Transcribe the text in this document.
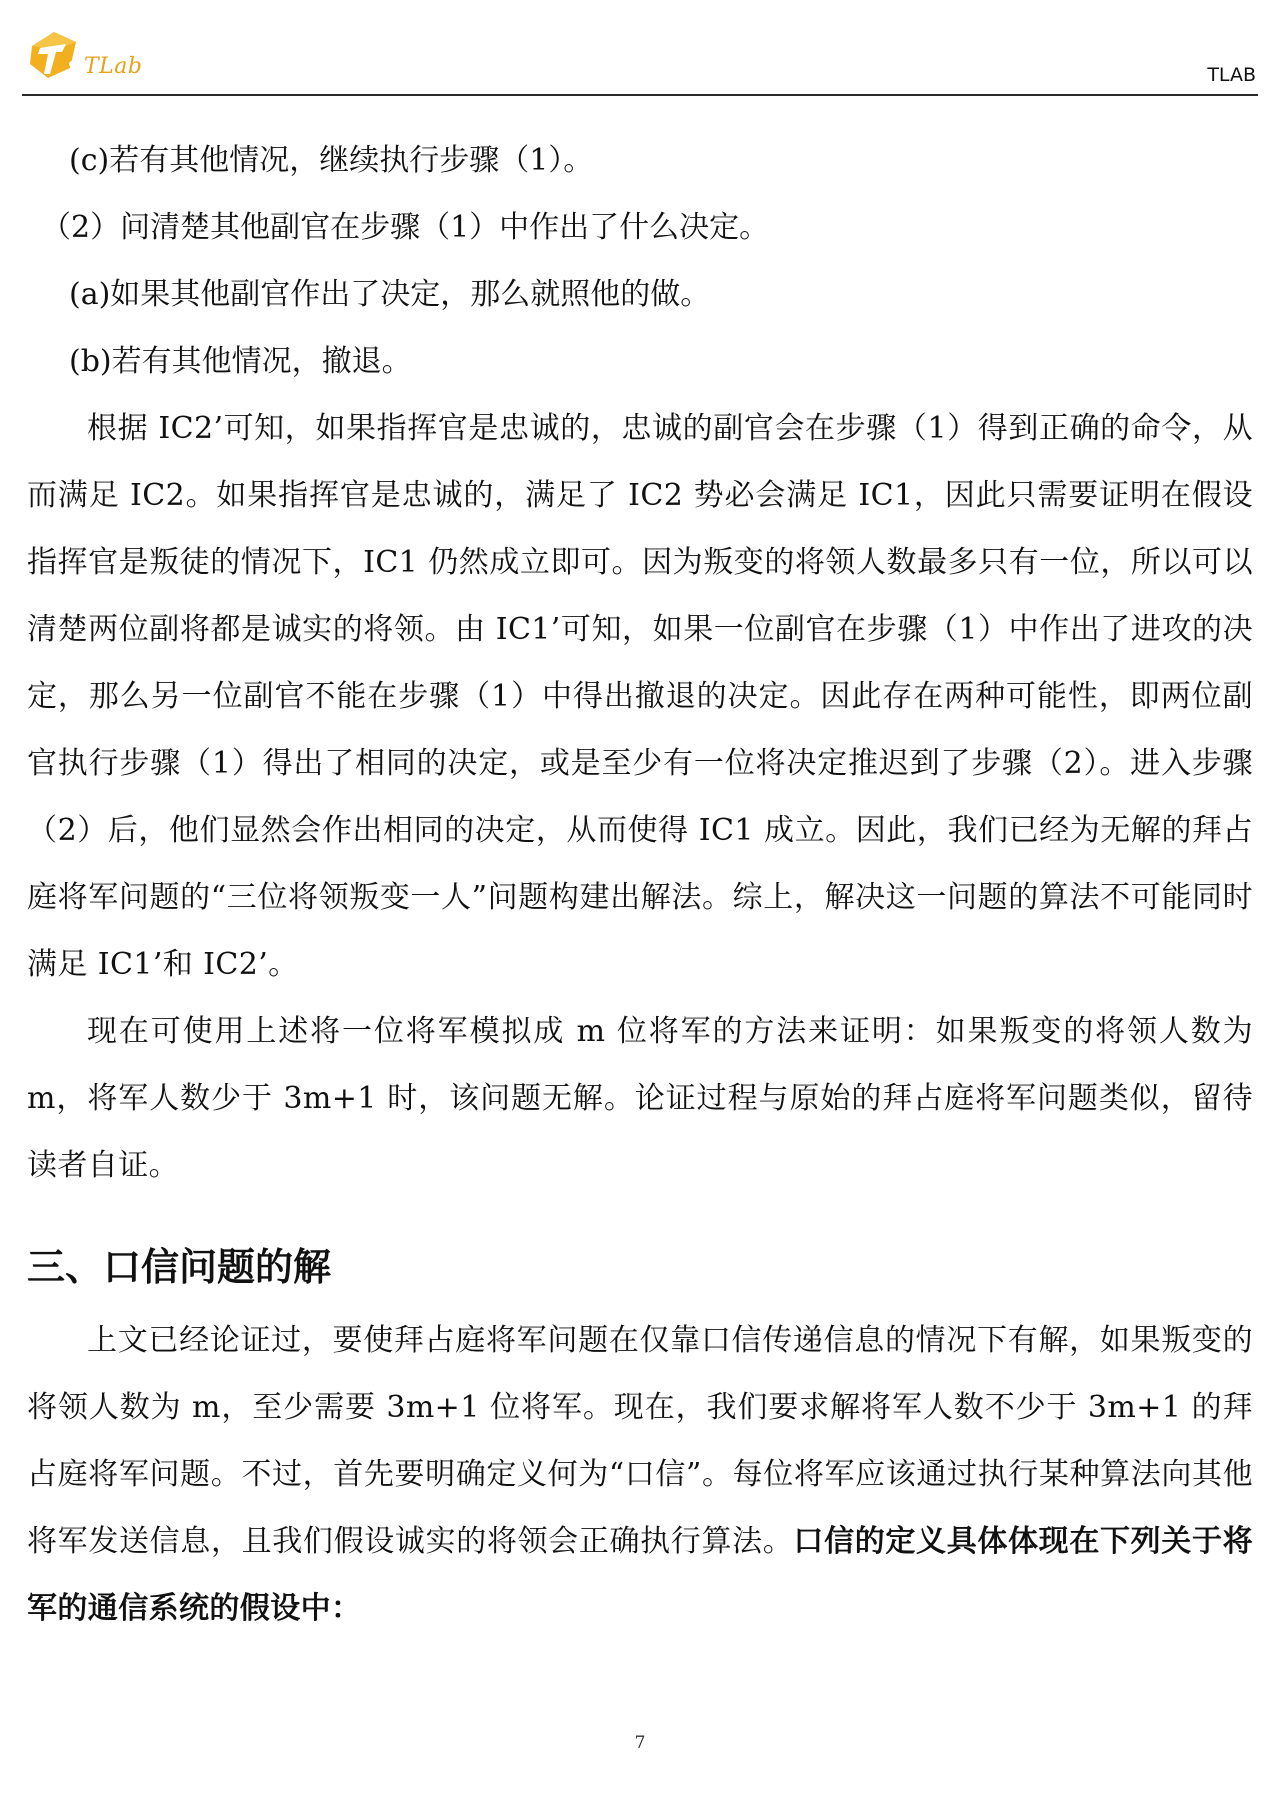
TLab	TLAB
(c)若有其他情况，继续执行步骤（1）。
（2）问清楚其他副官在步骤（1）中作出了什么决定。
(a)如果其他副官作出了决定，那么就照他的做。
(b)若有其他情况，撤退。

根据 IC2’可知，如果指挥官是忠诚的，忠诚的副官会在步骤（1）得到正确的命令，从而满足 IC2。如果指挥官是忠诚的，满足了 IC2 势必会满足 IC1，因此只需要证明在假设指挥官是叛徒的情况下，IC1 仍然成立即可。因为叛变的将领人数最多只有一位，所以可以清楚两位副将都是诚实的将领。由 IC1’可知，如果一位副官在步骤（1）中作出了进攻的决定，那么另一位副官不能在步骤（1）中得出撤退的决定。因此存在两种可能性，即两位副官执行步骤（1）得出了相同的决定，或是至少有一位将决定推迟到了步骤（2）。进入步骤（2）后，他们显然会作出相同的决定，从而使得 IC1 成立。因此，我们已经为无解的拜占庭将军问题的“三位将领叛变一人”问题构建出解法。综上，解决这一问题的算法不可能同时满足 IC1’和 IC2’。

现在可使用上述将一位将军模拟成 m 位将军的方法来证明：如果叛变的将领人数为 m，将军人数少于 3m+1 时，该问题无解。论证过程与原始的拜占庭将军问题类似，留待读者自证。

三、口信问题的解

上文已经论证过，要使拜占庭将军问题在仅靠口信传递信息的情况下有解，如果叛变的将领人数为 m，至少需要 3m+1 位将军。现在，我们要求解将军人数不少于 3m+1 的拜占庭将军问题。不过，首先要明确定义何为“口信”。每位将军应该通过执行某种算法向其他将军发送信息，且我们假设诚实的将领会正确执行算法。口信的定义具体体现在下列关于将军的通信系统的假设中：

7
